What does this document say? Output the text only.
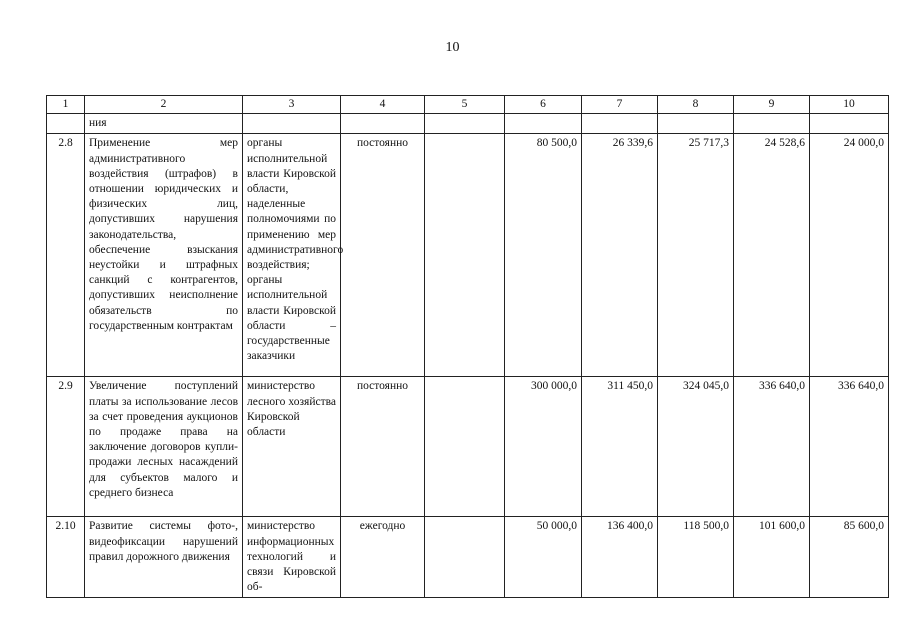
10
1	2	3	4	5	6	7	8	9	10
	ния								
2.8	Применение мер административного воздействия (штрафов) в отношении юридических и физических лиц, допустивших нарушения законодательства, обеспечение взыскания неустойки и штрафных санкций с контрагентов, допустивших неисполнение обязательств по государственным контрактам	органы исполнительной власти Кировской области, наделенные полномочиями по применению мер административного воздействия; органы исполнительной власти Кировской области – государственные заказчики	постоянно		80 500,0	26 339,6	25 717,3	24 528,6	24 000,0
2.9	Увеличение поступлений платы за использование лесов за счет проведения аукционов по продаже права на заключение договоров купли-продажи лесных насаждений для субъектов малого и среднего бизнеса	министерство лесного хозяйства Кировской области	постоянно		300 000,0	311 450,0	324 045,0	336 640,0	336 640,0
2.10	Развитие системы фото-, видеофиксации нарушений правил дорожного движения	министерство информационных технологий и связи Кировской об-	ежегодно		50 000,0	136 400,0	118 500,0	101 600,0	85 600,0
